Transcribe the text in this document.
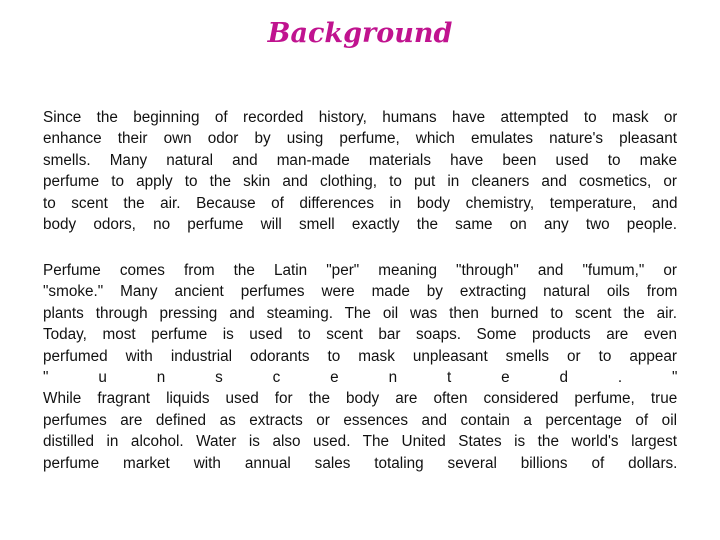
Background
Since the beginning of recorded history, humans have attempted to mask or
enhance their own odor by using perfume, which emulates nature's pleasant
smells. Many natural and man-made materials have been used to make
perfume to apply to the skin and clothing, to put in cleaners and cosmetics, or
to scent the air. Because of differences in body chemistry, temperature, and
body odors, no perfume will smell exactly the same on any two people.
Perfume comes from the Latin "per" meaning "through" and "fumum," or
"smoke." Many ancient perfumes were made by extracting natural oils from
plants through pressing and steaming. The oil was then burned to scent the air.
Today, most perfume is used to scent bar soaps. Some products are even
perfumed with industrial odorants to mask unpleasant smells or to appear
" u n s c e n t e d . "
While fragrant liquids used for the body are often considered perfume, true
perfumes are defined as extracts or essences and contain a percentage of oil
distilled in alcohol. Water is also used. The United States is the world's largest
perfume market with annual sales totaling several billions of dollars.
